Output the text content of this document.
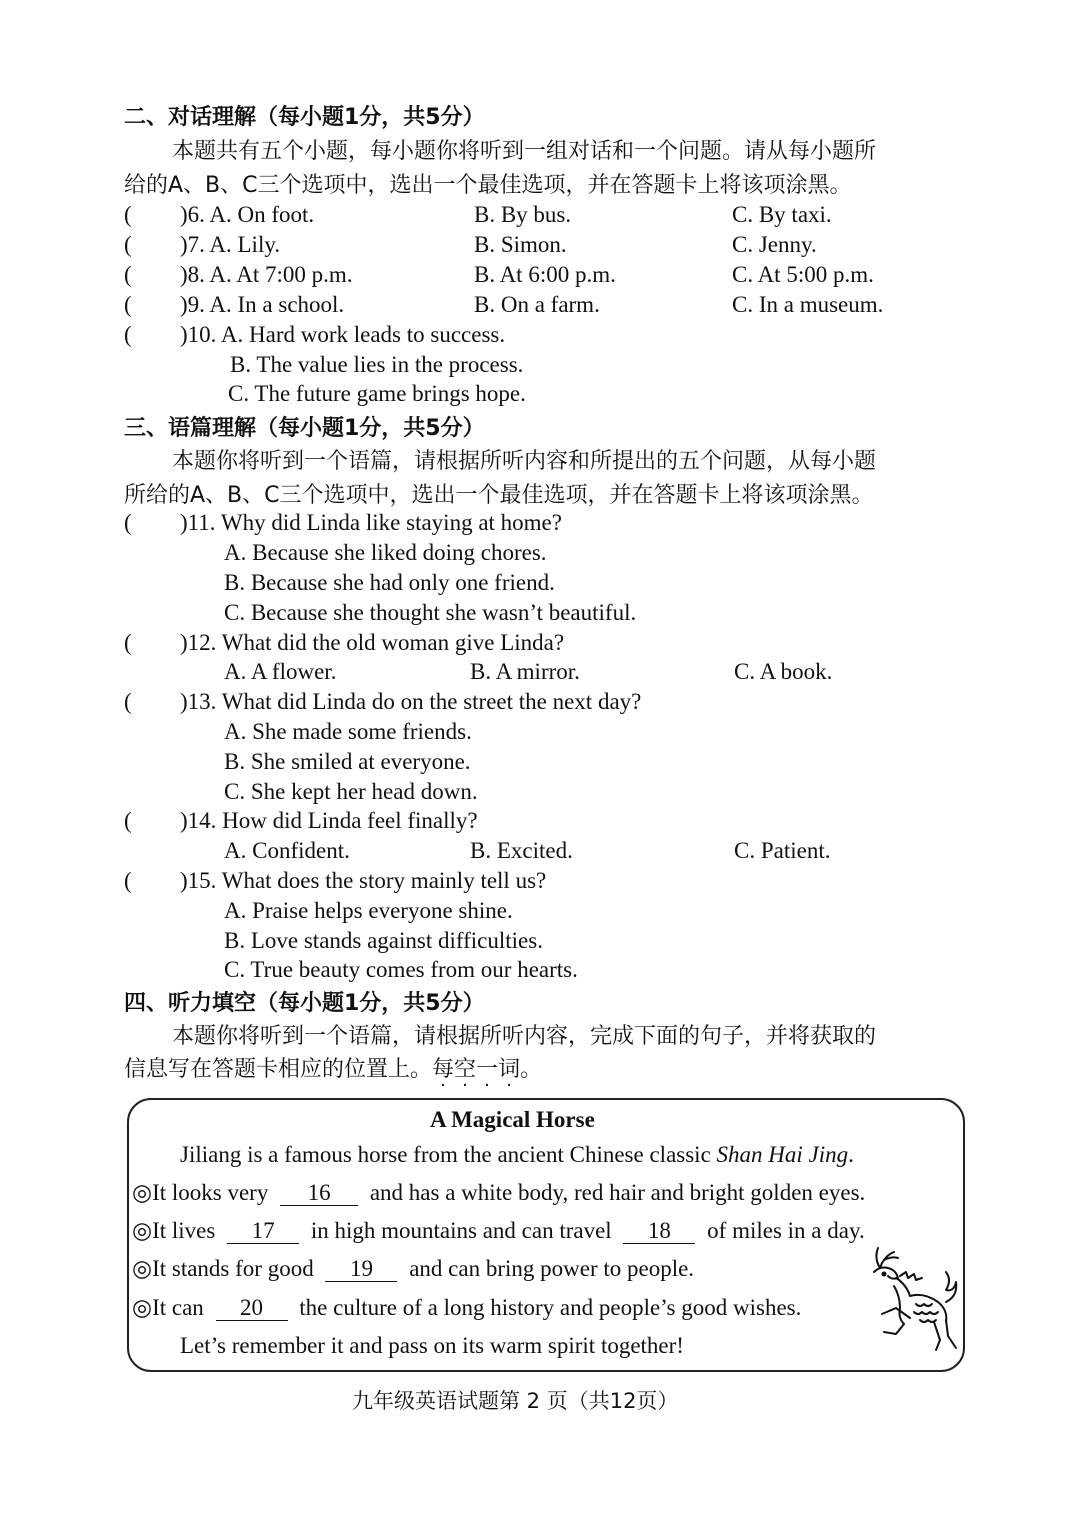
二、对话理解（每小题1分，共5分）
本题共有五个小题，每小题你将听到一组对话和一个问题。请从每小题所
给的A、B、C三个选项中，选出一个最佳选项，并在答题卡上将该项涂黑。
( )6. A. On foot.	B. By bus.	C. By taxi.
( )7. A. Lily.	B. Simon.	C. Jenny.
( )8. A. At 7:00 p.m.	B. At 6:00 p.m.	C. At 5:00 p.m.
( )9. A. In a school.	B. On a farm.	C. In a museum.
( )10. A. Hard work leads to success.
B. The value lies in the process.
C. The future game brings hope.
三、语篇理解（每小题1分，共5分）
本题你将听到一个语篇，请根据所听内容和所提出的五个问题，从每小题
所给的A、B、C三个选项中，选出一个最佳选项，并在答题卡上将该项涂黑。
( )11. Why did Linda like staying at home?
A. Because she liked doing chores.
B. Because she had only one friend.
C. Because she thought she wasn’t beautiful.
( )12. What did the old woman give Linda?
A. A flower.	B. A mirror.	C. A book.
( )13. What did Linda do on the street the next day?
A. She made some friends.
B. She smiled at everyone.
C. She kept her head down.
( )14. How did Linda feel finally?
A. Confident.	B. Excited.	C. Patient.
( )15. What does the story mainly tell us?
A. Praise helps everyone shine.
B. Love stands against difficulties.
C. True beauty comes from our hearts.
四、听力填空（每小题1分，共5分）
本题你将听到一个语篇，请根据所听内容，完成下面的句子，并将获取的
信息写在答题卡相应的位置上。每空一词。
A Magical Horse
Jiliang is a famous horse from the ancient Chinese classic Shan Hai Jing.
◎It looks very 16 and has a white body, red hair and bright golden eyes.
◎It lives 17 in high mountains and can travel 18 of miles in a day.
◎It stands for good 19 and can bring power to people.
◎It can 20 the culture of a long history and people’s good wishes.
Let’s remember it and pass on its warm spirit together!
九年级英语试题第 2 页（共12页）
